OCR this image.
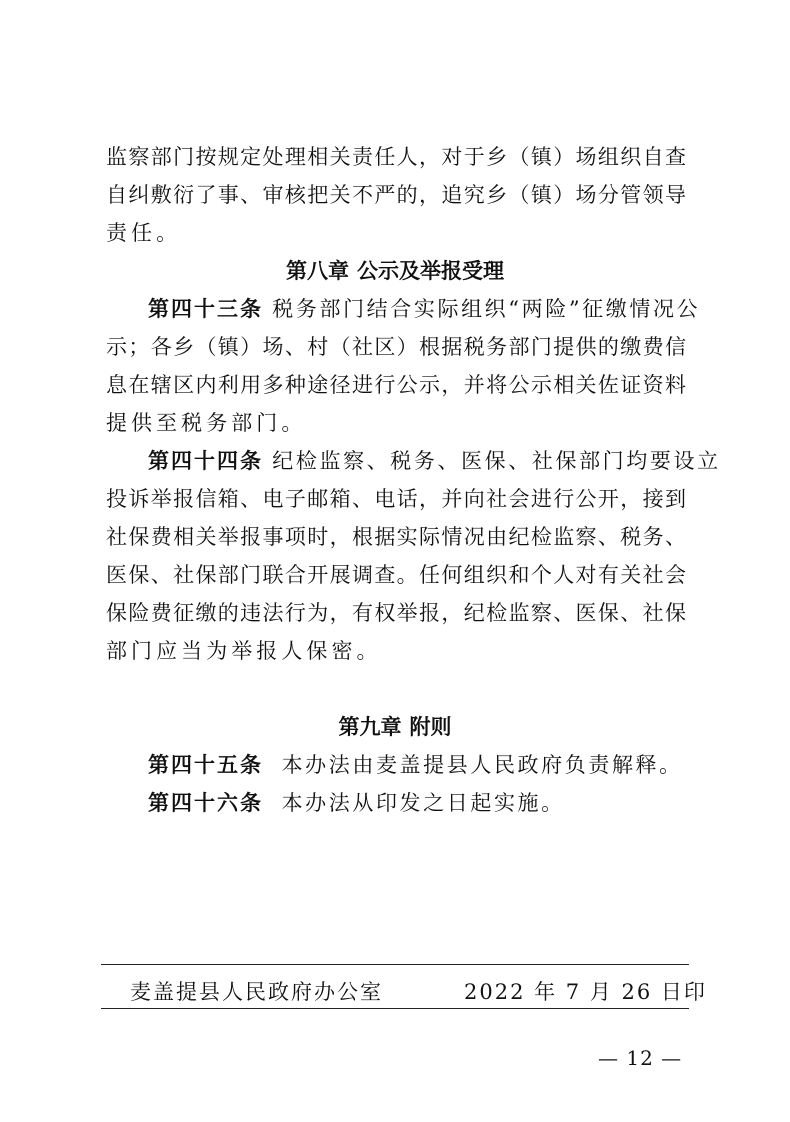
监察部门按规定处理相关责任人，对于乡（镇）场组织自查
自纠敷衍了事、审核把关不严的，追究乡（镇）场分管领导
责任。
第八章 公示及举报受理
第四十三条 税务部门结合实际组织“两险”征缴情况公
示；各乡（镇）场、村（社区）根据税务部门提供的缴费信
息在辖区内利用多种途径进行公示，并将公示相关佐证资料
提供至税务部门。
第四十四条 纪检监察、税务、医保、社保部门均要设立
投诉举报信箱、电子邮箱、电话，并向社会进行公开，接到
社保费相关举报事项时，根据实际情况由纪检监察、税务、
医保、社保部门联合开展调查。任何组织和个人对有关社会
保险费征缴的违法行为，有权举报，纪检监察、医保、社保
部门应当为举报人保密。
第九章 附则
第四十五条 本办法由麦盖提县人民政府负责解释。
第四十六条 本办法从印发之日起实施。
麦盖提县人民政府办公室	2022 年 7 月 26 日印
— 12 —
